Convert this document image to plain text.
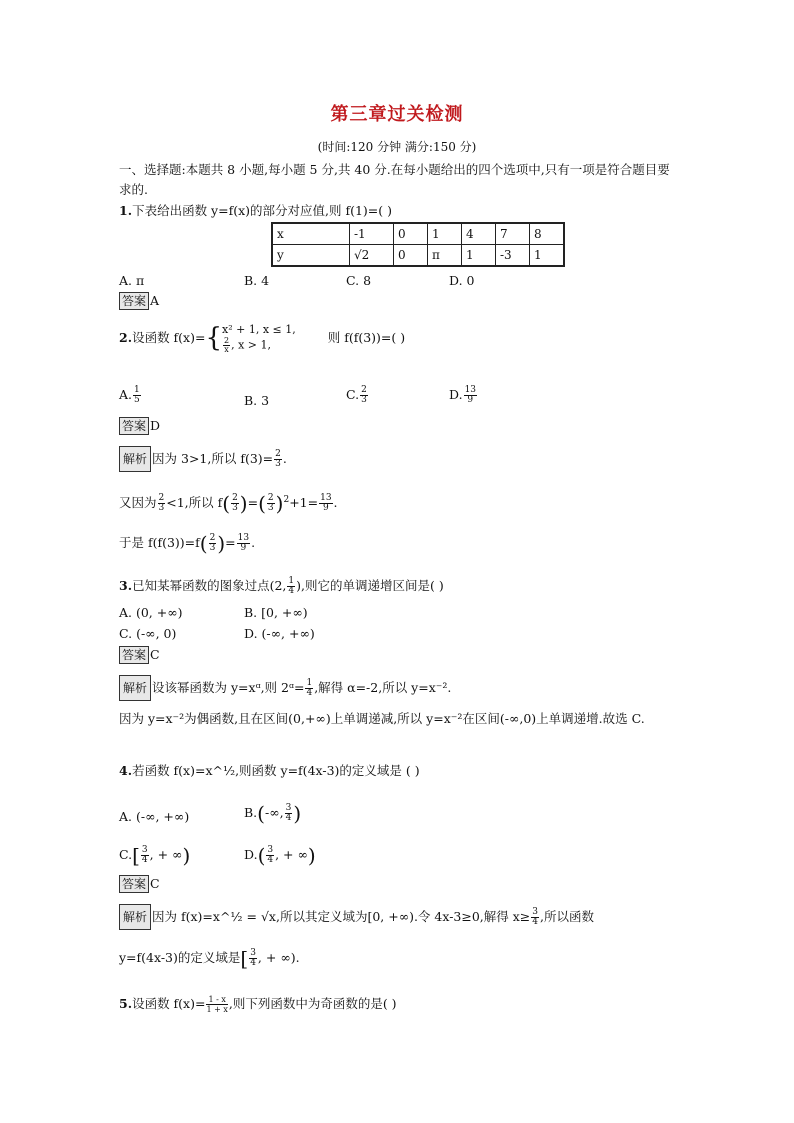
第三章过关检测
(时间:120 分钟 满分:150 分)
一、选择题:本题共 8 小题,每小题 5 分,共 40 分.在每小题给出的四个选项中,只有一项是符合题目要求的.
1.下表给出函数 y=f(x)的部分对应值,则 f(1)=( )
x	-1	0	1	4	7	8
y	√2	0	π	1	-3	1
A. π	B. 4	C. 8	D. 0
答案 A
2.设函数 f(x)={ x² + 1, x ≤ 1,
$\frac{2}{x}$ , x > 1,	则 f(f(3))=( )
A. $\frac{1}{5}$	B. 3	C. $\frac{2}{3}$	D. $\frac{13}{9}$
答案 D
解析 因为 3>1,所以 $f(3)= \frac{2}{3}$ .
又因为 $\frac{2}{3} <1$,所以 $f( \frac{2}{3}$ )=( $\frac{2}{3} )^2+1= \frac{13}{9}$ .
于是 $f(f(3))=f( \frac{2}{3}$ )= $\frac{13}{9}$ .
3.已知某幂函数的图象过点(2, $\frac{1}{4}$ ),则它的单调递增区间是( )
A. (0, +∞)	B. [0, +∞)
C. (-∞, 0)	D. (-∞, +∞)
答案 C
解析 设该幂函数为 y=xᵅ,则 2ᵅ= $\frac{1}{4}$ ,解得 α=-2,所以 y=x⁻².
因为 y=x⁻²为偶函数,且在区间(0,+∞)上单调递减,所以 y=x⁻²在区间(-∞,0)上单调递增.故选 C.
4.若函数 f(x)=x^½,则函数 y=f(4x-3)的定义域是 ( )
A. (-∞, +∞)	B.(-∞, $\frac{3}{4}$ )
$C.[ \frac{3}{4}$ , + ∞)	$D.( \frac{3}{4}$ , + ∞)
答案 C
解析 因为 f(x)=x^½ = √x,所以其定义域为[0, +∞).令 4x-3≥0,解得 $x\ge \frac{3}{4}$ ,所以函数
y=f(4x-3)的定义域是[ $\frac{3}{4}$ , + ∞).
5.设函数 $f(x)= \frac{1 - x}{1 + x}$ ,则下列函数中为奇函数的是( )
